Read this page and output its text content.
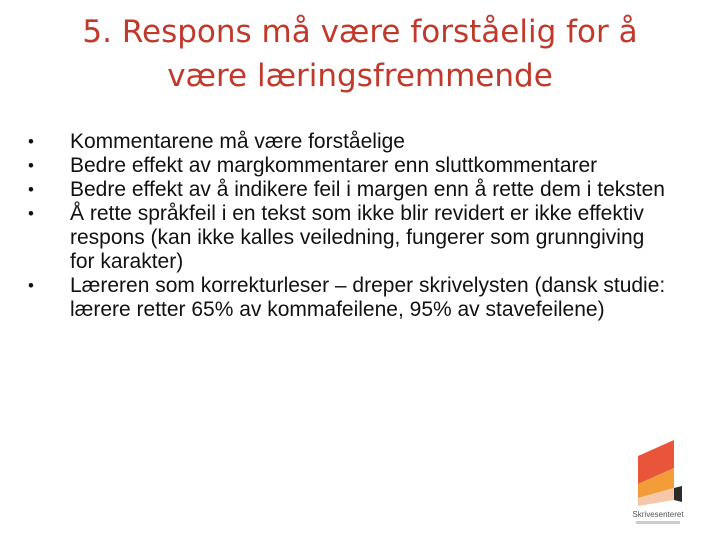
5. Respons må være forståelig for å være læringsfremmende
•	Kommentarene må være forståelige
•	Bedre effekt av margkommentarer enn sluttkommentarer
•	Bedre effekt av å indikere feil i margen enn å rette dem i teksten
•	Å rette språkfeil i en tekst som ikke blir revidert er ikke effektiv respons (kan ikke kalles veiledning, fungerer som grunngiving for karakter)
•	Læreren som korrekturleser – dreper skrivelysten (dansk studie: lærere retter 65% av kommafeilene, 95% av stavefeilene)
Skrivesenteret
